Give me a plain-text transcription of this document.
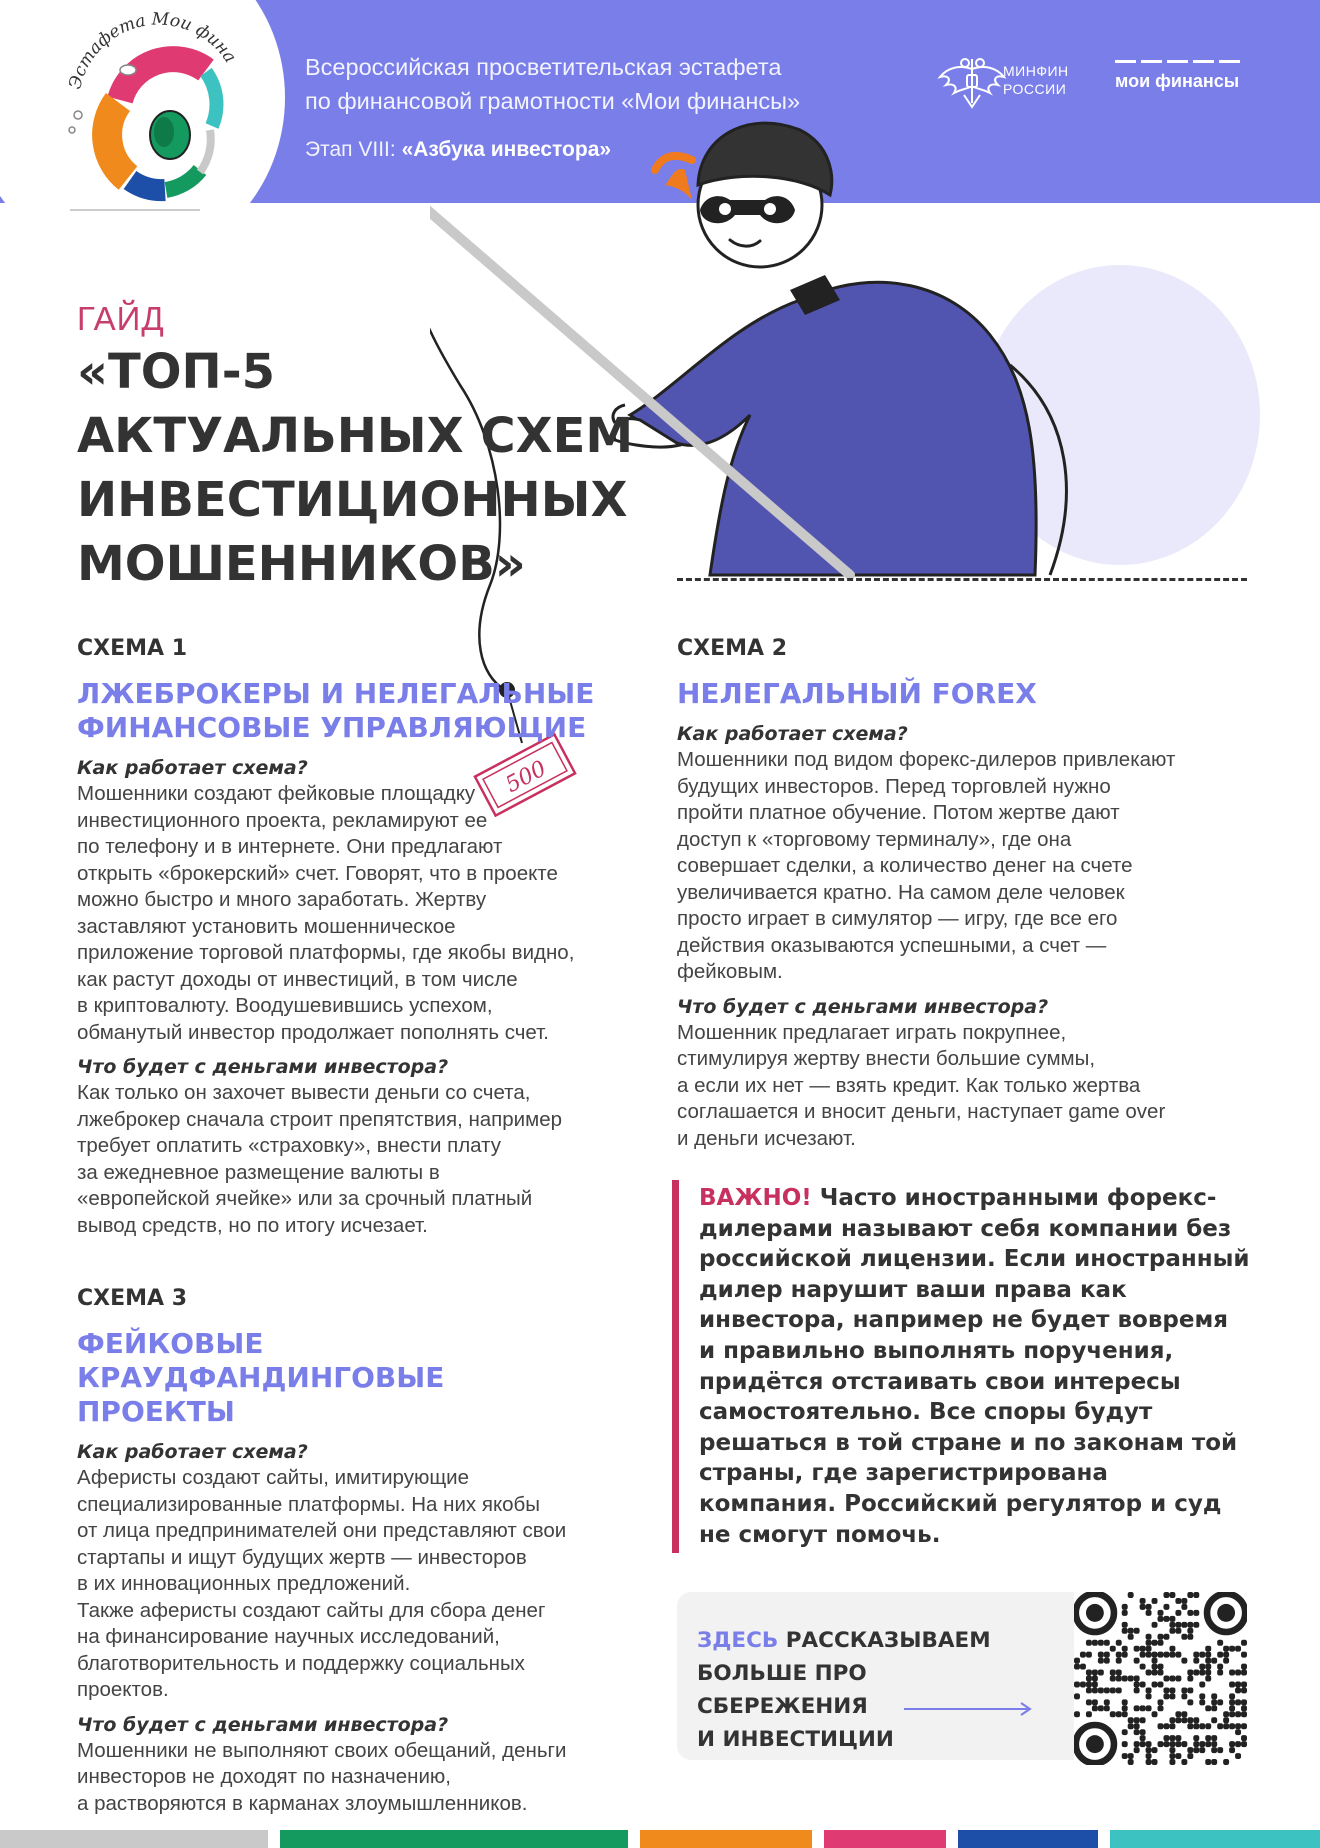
Всероссийская просветительская эстафета
по финансовой грамотности «Мои финансы»
Этап VIII: «Азбука инвестора»
МИНФИН
РОССИИ	мои финансы
Эстафета Мои фина
500
ГАЙД
«ТОП-5
АКТУАЛЬНЫХ СХЕМ
ИНВЕСТИЦИОННЫХ
МОШЕННИКОВ»
СХЕМА 1
ЛЖЕБРОКЕРЫ И НЕЛЕГАЛЬНЫЕ ФИНАНСОВЫЕ УПРАВЛЯЮЩИЕ
Как работает схема?
Мошенники создают фейковые площадку
инвестиционного проекта, рекламируют ее
по телефону и в интернете. Они предлагают
открыть «брокерский» счет. Говорят, что в проекте
можно быстро и много заработать. Жертву
заставляют установить мошенническое
приложение торговой платформы, где якобы видно,
как растут доходы от инвестиций, в том числе
в криптовалюту. Воодушевившись успехом,
обманутый инвестор продолжает пополнять счет.
Что будет с деньгами инвестора?
Как только он захочет вывести деньги со счета,
лжеброкер сначала строит препятствия, например
требует оплатить «страховку», внести плату
за ежедневное размещение валюты в
«европейской ячейке» или за срочный платный
вывод средств, но по итогу исчезает.
СХЕМА 2
НЕЛЕГАЛЬНЫЙ FOREX
Как работает схема?
Мошенники под видом форекс-дилеров привлекают
будущих инвесторов. Перед торговлей нужно
пройти платное обучение. Потом жертве дают
доступ к «торговому терминалу», где она
совершает сделки, а количество денег на счете
увеличивается кратно. На самом деле человек
просто играет в симулятор — игру, где все его
действия оказываются успешными, а счет —
фейковым.
Что будет с деньгами инвестора?
Мошенник предлагает играть покрупнее,
стимулируя жертву внести большие суммы,
а если их нет — взять кредит. Как только жертва
соглашается и вносит деньги, наступает game over
и деньги исчезают.
СХЕМА 3
ФЕЙКОВЫЕ КРАУДФАНДИНГОВЫЕ ПРОЕКТЫ
Как работает схема?
Аферисты создают сайты, имитирующие
специализированные платформы. На них якобы
от лица предпринимателей они представляют свои
стартапы и ищут будущих жертв — инвесторов
в их инновационных предложений.
Также аферисты создают сайты для сбора денег
на финансирование научных исследований,
благотворительность и поддержку социальных
проектов.
Что будет с деньгами инвестора?
Мошенники не выполняют своих обещаний, деньги
инвесторов не доходят по назначению,
а растворяются в карманах злоумышленников.

ВАЖНО! Часто иностранными форекс-дилерами называют себя компании без российской лицензии. Если иностранный дилер нарушит ваши права как инвестора, например не будет вовремя и правильно выполнять поручения, придётся отстаивать свои интересы самостоятельно. Все споры будут решаться в той стране и по законам той страны, где зарегистрирована компания. Российский регулятор и суд не смогут помочь.

ЗДЕСЬ РАССКАЗЫВАЕМ
БОЛЬШЕ ПРО СБЕРЕЖЕНИЯ
И ИНВЕСТИЦИИ
